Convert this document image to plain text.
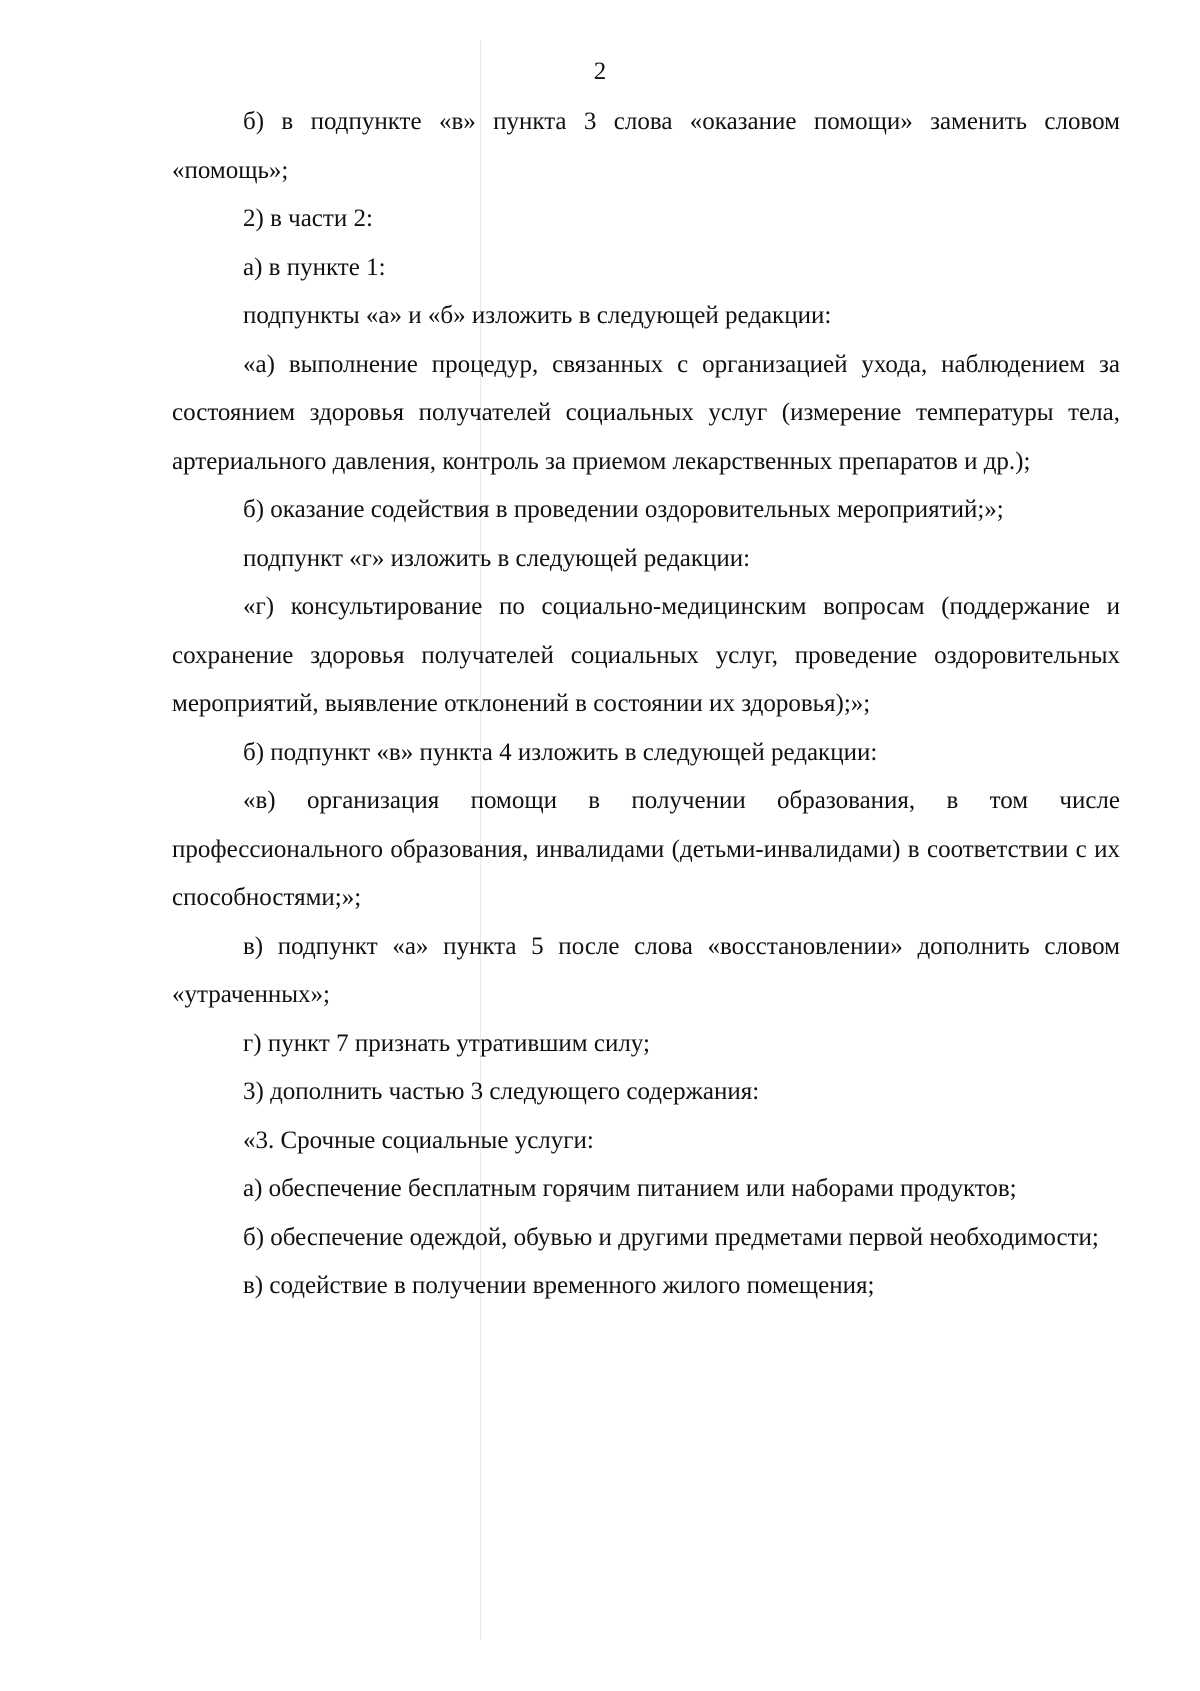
2

б) в подпункте «в» пункта 3 слова «оказание помощи» заменить словом «помощь»;

2) в части 2:

а) в пункте 1:

подпункты «а» и «б» изложить в следующей редакции:

«а) выполнение процедур, связанных с организацией ухода, наблюдением за состоянием здоровья получателей социальных услуг (измерение температуры тела, артериального давления, контроль за приемом лекарственных препаратов и др.);

б) оказание содействия в проведении оздоровительных мероприятий;»;

подпункт «г» изложить в следующей редакции:

«г) консультирование по социально-медицинским вопросам (поддержание и сохранение здоровья получателей социальных услуг, проведение оздоровительных мероприятий, выявление отклонений в состоянии их здоровья);»;

б) подпункт «в» пункта 4 изложить в следующей редакции:

«в) организация помощи в получении образования, в том числе профессионального образования, инвалидами (детьми-инвалидами) в соответствии с их способностями;»;

в) подпункт «а» пункта 5 после слова «восстановлении» дополнить словом «утраченных»;

г) пункт 7 признать утратившим силу;

3) дополнить частью 3 следующего содержания:

«3. Срочные социальные услуги:

а) обеспечение бесплатным горячим питанием или наборами продуктов;

б) обеспечение одеждой, обувью и другими предметами первой необходимости;

в) содействие в получении временного жилого помещения;
